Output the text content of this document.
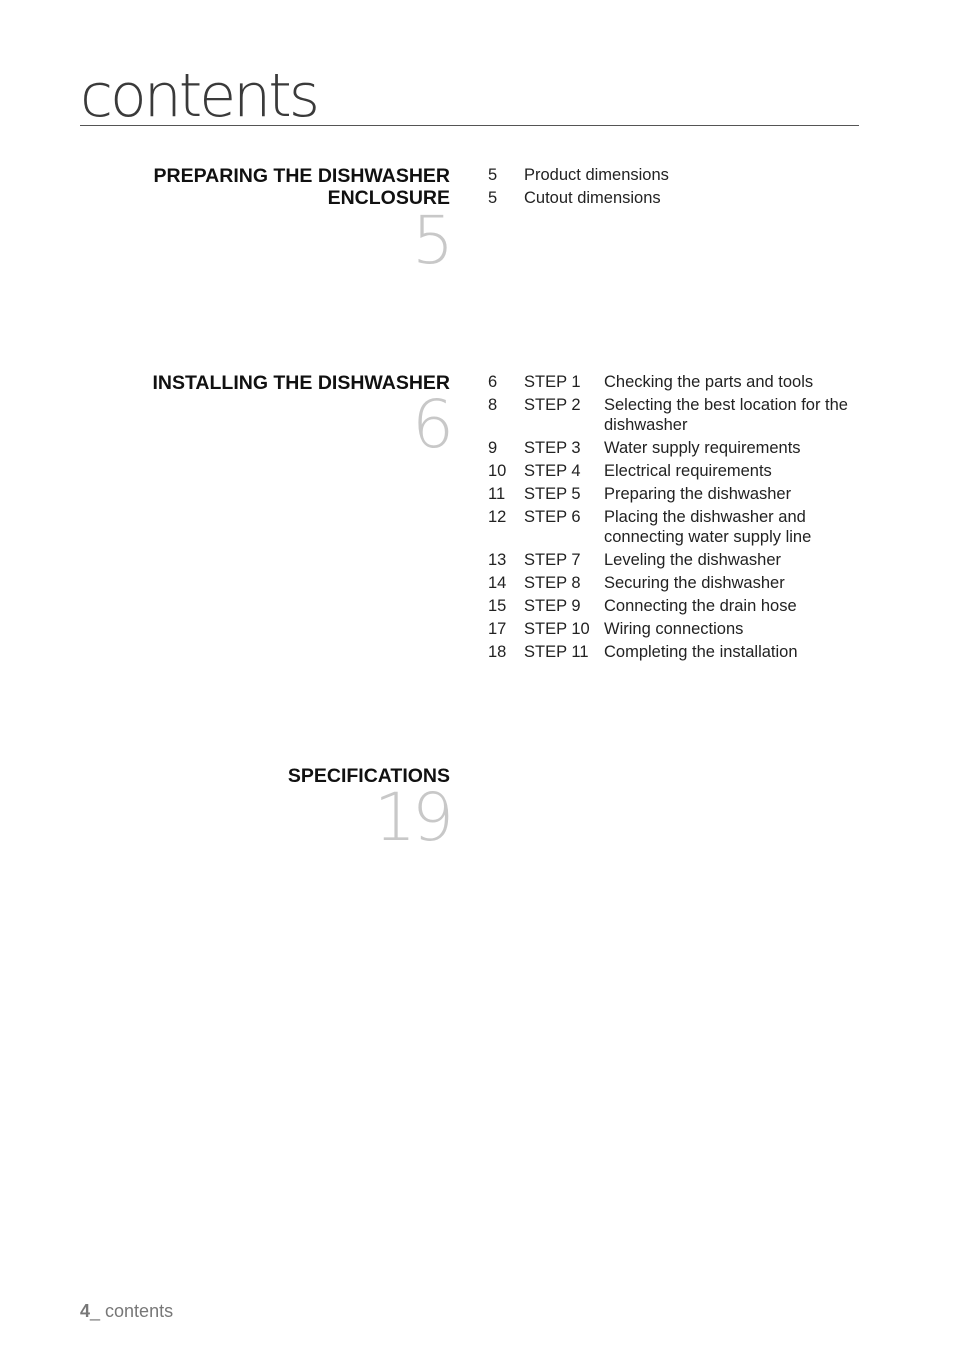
contents
PREPARING THE DISHWASHER
ENCLOSURE
5
5	Product dimensions
5	Cutout dimensions
INSTALLING THE DISHWASHER
6
6	STEP 1	Checking the parts and tools
8	STEP 2	Selecting the best location for the dishwasher
9	STEP 3	Water supply requirements
10	STEP 4	Electrical requirements
11	STEP 5	Preparing the dishwasher
12	STEP 6	Placing the dishwasher and connecting water supply line
13	STEP 7	Leveling the dishwasher
14	STEP 8	Securing the dishwasher
15	STEP 9	Connecting the drain hose
17	STEP 10 Wiring connections
18	STEP 11 Completing the installation
SPECIFICATIONS
19
4_ contents
